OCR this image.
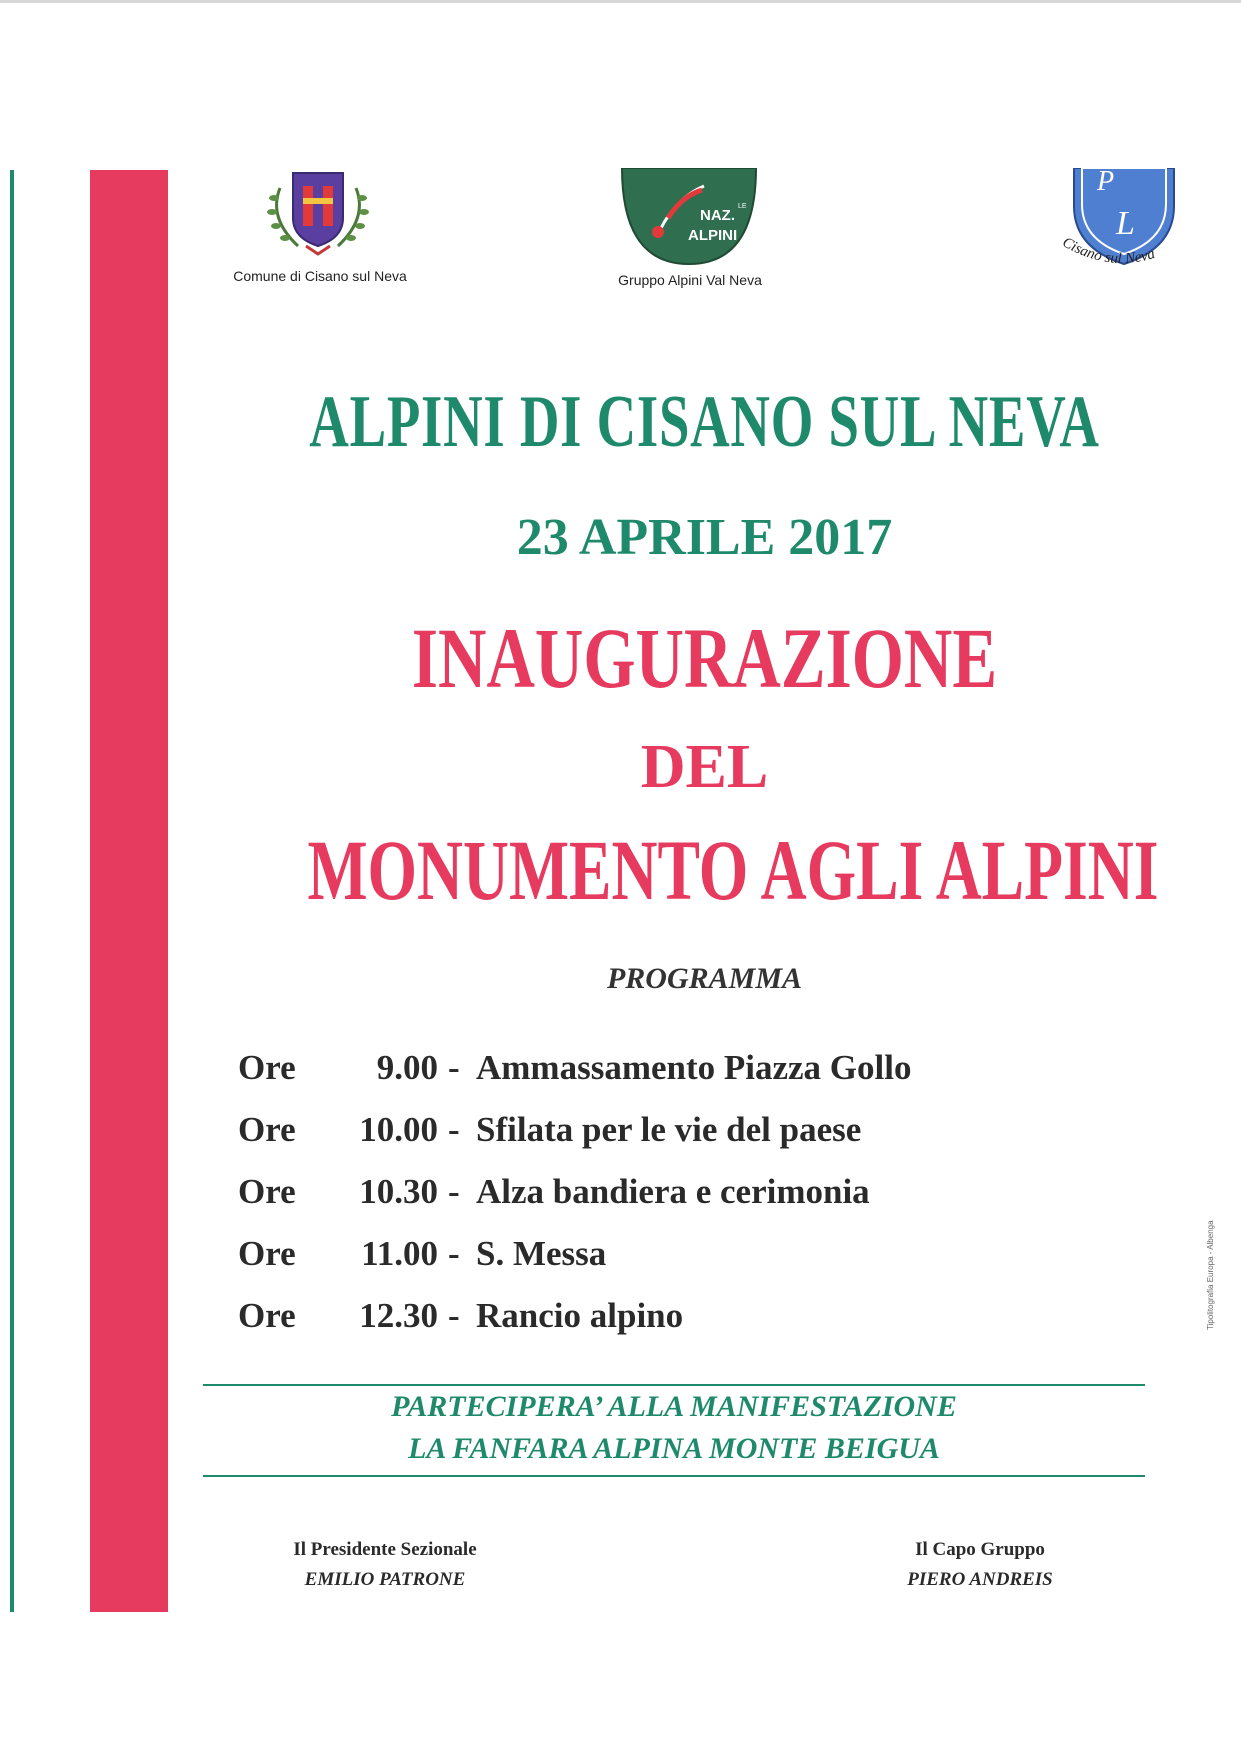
Comune di Cisano sul Neva
NAZ.
LE
ALPINI
Gruppo Alpini Val Neva
P
L
Cisano sul Neva
ALPINI DI CISANO SUL NEVA
23 APRILE 2017
INAUGURAZIONE
DEL
MONUMENTO AGLI ALPINI
PROGRAMMA
Ore	9.00 - Ammassamento Piazza Gollo
Ore	10.00 - Sfilata per le vie del paese
Ore	10.30 - Alza bandiera e cerimonia
Ore	11.00 - S. Messa
Ore	12.30 - Rancio alpino
PARTECIPERA’ ALLA MANIFESTAZIONE
LA FANFARA ALPINA MONTE BEIGUA
Il Presidente Sezionale
EMILIO PATRONE
Il Capo Gruppo
PIERO ANDREIS
Tipolitografia Europa - Albenga
